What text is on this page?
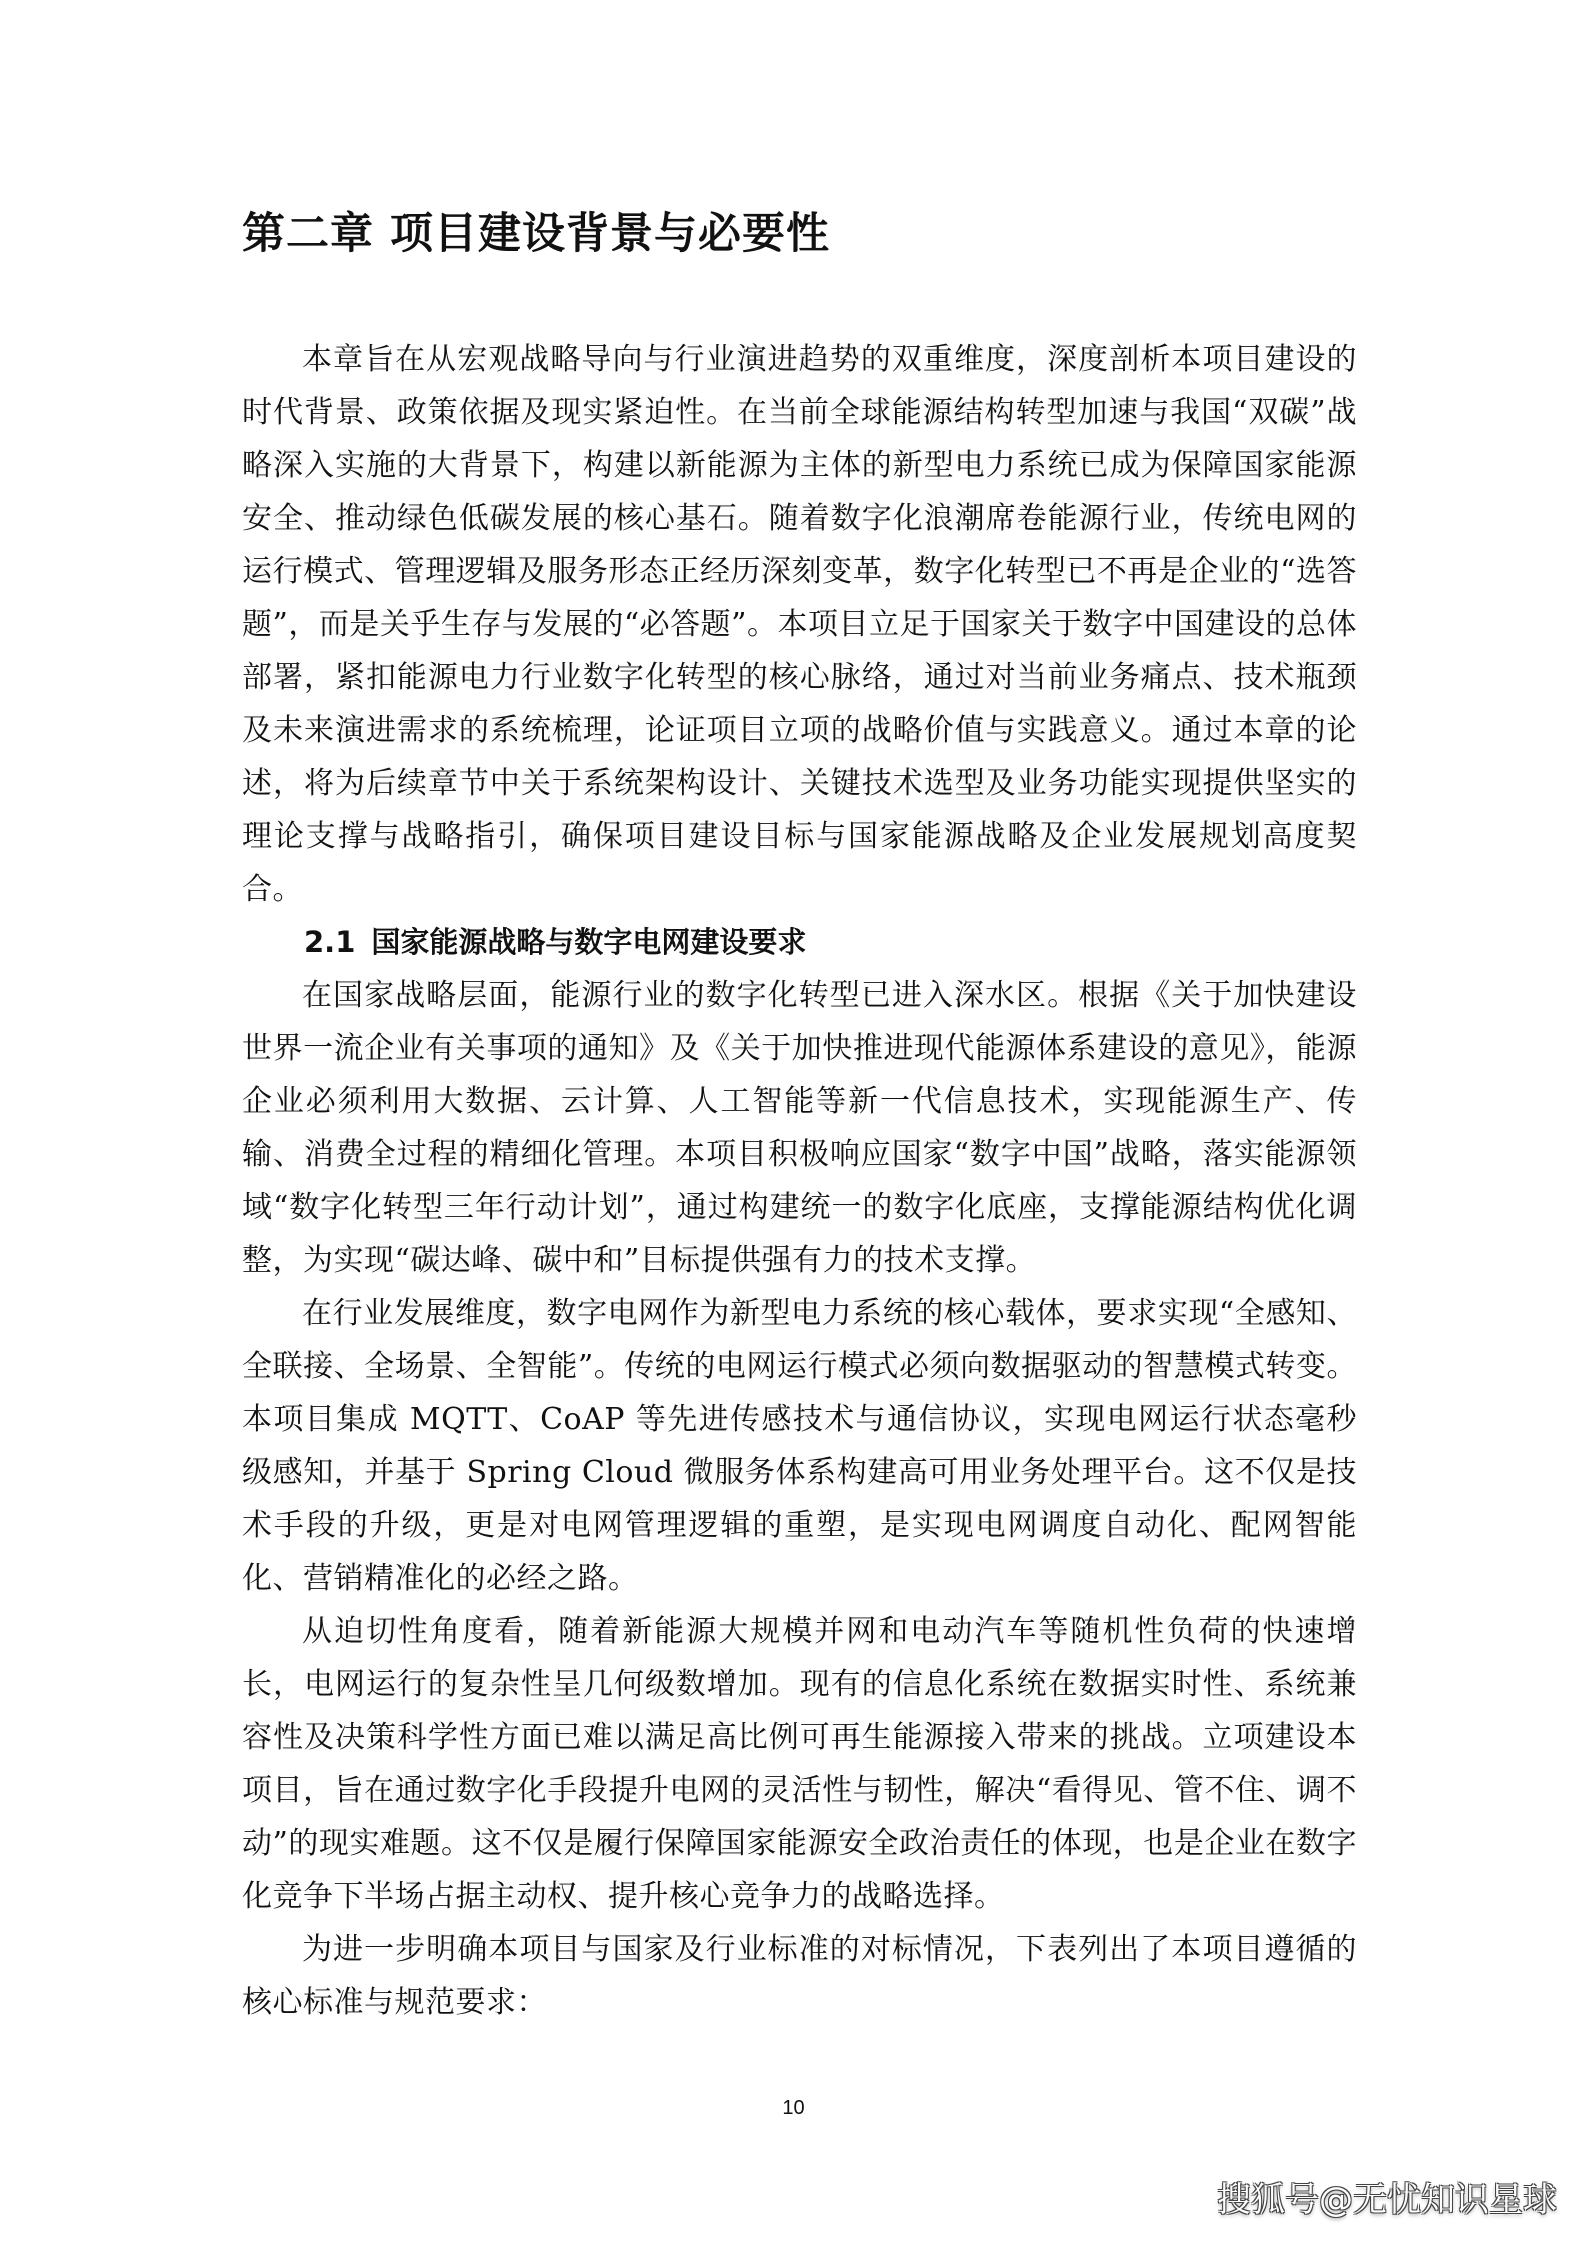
第二章 项目建设背景与必要性

本章旨在从宏观战略导向与行业演进趋势的双重维度，深度剖析本项目建设的时代背景、政策依据及现实紧迫性。在当前全球能源结构转型加速与我国“双碳”战略深入实施的大背景下，构建以新能源为主体的新型电力系统已成为保障国家能源安全、推动绿色低碳发展的核心基石。随着数字化浪潮席卷能源行业，传统电网的运行模式、管理逻辑及服务形态正经历深刻变革，数字化转型已不再是企业的“选答题”，而是关乎生存与发展的“必答题”。本项目立足于国家关于数字中国建设的总体部署，紧扣能源电力行业数字化转型的核心脉络，通过对当前业务痛点、技术瓶颈及未来演进需求的系统梳理，论证项目立项的战略价值与实践意义。通过本章的论述，将为后续章节中关于系统架构设计、关键技术选型及业务功能实现提供坚实的理论支撑与战略指引，确保项目建设目标与国家能源战略及企业发展规划高度契合。

2.1 国家能源战略与数字电网建设要求

在国家战略层面，能源行业的数字化转型已进入深水区。根据《关于加快建设世界一流企业有关事项的通知》及《关于加快推进现代能源体系建设的意见》，能源企业必须利用大数据、云计算、人工智能等新一代信息技术，实现能源生产、传输、消费全过程的精细化管理。本项目积极响应国家“数字中国”战略，落实能源领域“数字化转型三年行动计划”，通过构建统一的数字化底座，支撑能源结构优化调整，为实现“碳达峰、碳中和”目标提供强有力的技术支撑。

在行业发展维度，数字电网作为新型电力系统的核心载体，要求实现“全感知、全联接、全场景、全智能”。传统的电网运行模式必须向数据驱动的智慧模式转变。本项目集成 MQTT、CoAP 等先进传感技术与通信协议，实现电网运行状态毫秒级感知，并基于 Spring Cloud 微服务体系构建高可用业务处理平台。这不仅是技术手段的升级，更是对电网管理逻辑的重塑，是实现电网调度自动化、配网智能化、营销精准化的必经之路。

从迫切性角度看，随着新能源大规模并网和电动汽车等随机性负荷的快速增长，电网运行的复杂性呈几何级数增加。现有的信息化系统在数据实时性、系统兼容性及决策科学性方面已难以满足高比例可再生能源接入带来的挑战。立项建设本项目，旨在通过数字化手段提升电网的灵活性与韧性，解决“看得见、管不住、调不动”的现实难题。这不仅是履行保障国家能源安全政治责任的体现，也是企业在数字化竞争下半场占据主动权、提升核心竞争力的战略选择。

为进一步明确本项目与国家及行业标准的对标情况，下表列出了本项目遵循的核心标准与规范要求：

10
搜狐号@无忧知识星球
